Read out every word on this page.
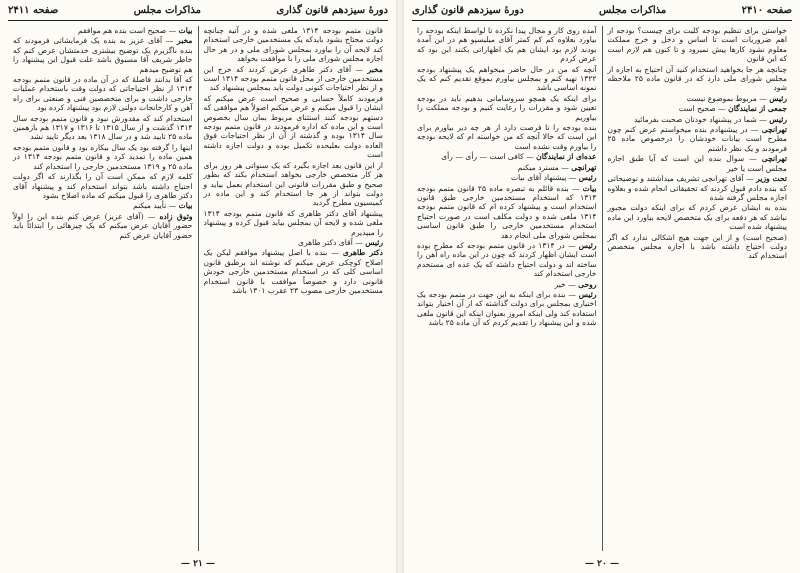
دورهٔ سیزدهم قانون گذاری
مذاکرات مجلس
صفحه ۲۴۱۱

قانون متمم بودجه ۱۳۱۴ ملغی شده و در آتیه چنانچه دولت محتاج بشود بایدکه یک مستخدمین خارجی استخدام کند لایحه آن را بیاورد بمجلس شورای ملی و در هر حال اجازه مجلس شورای ملی را با موافقت بخواهد

مخبر — آقای دکتر طاهری عرض کردند که خرج این مستخدمین خارجی از محل قانون متمم بودجه ۱۳۱۴ است و از نظر احتیاجات کنونی دولت باید بمجلس پیشنهاد کند

فرمودند کاملاً حسابی و صحیح است عرض میکنم که ایشان را قبول میکنم و عرض میکنم اصولاً هم موافقی که دستهم بودجه کنند استثنای مربوط بمان سال بخصوص است و این ماده که اداره فرمودند در قانون متمم بودجه سال ۱۳۱۴ بوده و گذشته از آن از نظر احتیاجات فوق العاده دولت بعلیحده تکمیل بوده و دولت اجازه داشته است

از این قانون بعد اجازه بگیرد که یک سنواتی هر روز برای هر کار متخصص خارجی بخواهد استخدام بکند که بطور صحیح و طبق مقررات قانونی این استخدام بعمل بیاید و دولت بتواند از هر جا استخدام کند و این ماده در کمیسیون مطرح گردید

پیشنهاد آقای دکتر طاهری که قانون متمم بودجه ۱۳۱۴ ملغی شده و لایحه آن بمجلس بیاید قبول کرده و پیشنهاد را میپذیرم

رئیس — آقای دکتر طاهری

دکتر طاهری — بنده با اصل پیشنهاد موافقم لیکن یک اصلاح کوچکی عرض میکنم که نوشته اند برطبق قانون اساسی کلی که در استخدام مستخدمین خارجی خودش قانونی دارد و خصوصاً موافقت با قانون استخدام مستخدمین خارجی مصوب ۲۳ عقرب ۱۳۰۱ باشد

بیات — صحیح است بنده هم موافقم

مخبر — آقای عزیز به بنده یک فرمایشاتی فرمودند که بنده ناگزیرم یک توضیح بیشتری خدمتشان عرض کنم که خاطر شریف آقا مسبوق باشد علت قبول این پیشنهاد را هم توضیح میدهم

که آقا بدانند فاصلهٔ که در آن ماده در قانون متمم بودجه ۱۳۱۴ از نظر احتیاجاتی که دولت وقت باستخدام عملیات خارجی داشت و برای متخصصین فنی و صنعتی برای راه آهن و کارخانجات دولتی لازم بود پیشنهاد کرده بود

استخدام کند که مقدورش نبود و قانون متمم بودجه سال ۱۳۱۴ گذشت و از سال ۱۳۱۵ تا ۱۳۱۶ و ۱۳۱۷ هم بازهمین ماده ۲۵ تایید شد و در سال ۱۳۱۸ بعد دیگر تایید نشد

اینها را گرفته بود یک سال بیکاره بود و قانون متمم بودجه همین ماده را تمدید کرد و قانون متمم بودجه ۱۳۱۴ در ماده ۲۵ و ۱۳۱۹ مستخدمین خارجی را استخدام کند

کلمه لازم که ممکن است آن را بگذارند که اگر دولت احتیاج داشته باشد بتواند استخدام کند و پیشنهاد آقای دکتر طاهری را قبول میکنم که ماده اصلاح بشود

بیات — تأیید میکنم

وثوق زاده — (آقای عزیز) عرض کنم بنده این را اولاً حضور آقایان عرض میکنم که یک چیزهائی را ابتدائاً باید حضور آقایان عرض کنم

— ۲۱ —
صفحه ۲۴۱۰
مذاکرات مجلس
دورهٔ سیزدهم قانون گذاری

خواستن برای تنظیم بودجه کلیت برای چیست؟ بودجه از اهم ضروریات است تا اساس و دخل و خرج مملکت معلوم نشود کارها پیش نمیرود و تا کنون هم لازم است که این قانون

چنانچه هر جا بخواهید استخدام کنید آن احتیاج به اجازه از مجلس شورای ملی دارد که در قانون ماده ۲۵ ملاحظه شود

رئیس — مربوط بموضوع نیست

جمعی از نمایندگان — صحیح است

رئیس — شما در پیشنهاد خودتان صحبت بفرمائید

تهرانچی — در پیشنهادم بنده میخواستم عرض کنم چون مطرح است بیانات خودشان را درخصوص ماده ۲۵ فرمودند و یک نظر داشتم

تهرانچی — سوال بنده این است که آیا طبق اجازه مجلس است یا خیر

تحت وزیر — آقای تهرانچی تشریف میداشتند و توضیحاتی که بنده دادم قبول کردند که تحقیقاتی انجام شده و بعلاوه اجازه مجلس گرفته شده

بنده به ایشان عرض کردم که برای اینکه دولت مجبور نباشد که هر دفعه برای یک متخصص لایحه بیاورد این ماده پیشنهاد شده است

(صحیح است) و از این جهت هیچ اشکالی ندارد که اگر دولت احتیاج داشته باشد با اجازه مجلس متخصص استخدام کند

آمده روی کار و مجال پیدا نکرده تا لواسط اینکه بودجه را بیاورد بعلاوه کم کم کمتر آقای میلیسپو هم در این آمده بودند لازم بود ایشان هم یک اظهاراتی بکنند این بود که عرض کردم

آنچه که من در حال حاضر میخواهم یک پیشنهاد بودجه ۱۳۲۲ تهیه کنم و بمجلس بیاورم بموقع تقدیم کنم که یک نمونه اساسی باشد

برای اینکه یک همچو سروسامانی بدهیم باید در بودجه تعیین شود و مقررات را رعایت کنیم و بودجه مملکت را بیاوریم

بنده بودجه را تا فرصت دارد از هر چه دیر بیاورم برای این است که حالا آنچه که من خواسته ام که لایحه بودجه را بیاورم وقت نشده است

عده‌ای از نمایندگان — کافی است — رأی — رأی

تهرانچی — مسترد میکنم

رئیس — پیشنهاد آقای بیات

بیات — بنده قائلم به تبصره ماده ۲۵ قانون متمم بودجه ۱۳۱۴ که استخدام مستخدمین خارجی طبق قانون استخدام است و پیشنهاد کرده ام که قانون متمم بودجه ۱۳۱۴ ملغی شده و دولت مکلف است در صورت احتیاج استخدام مستخدمین خارجی را طبق قانون اساسی بمجلس شورای ملی انجام دهد

رئیس — در ۱۳۱۴ در قانون متمم بودجه که مطرح بوده است ایشان اظهار کردند که چون در این ماده راه آهن را ساخته اند و دولت احتیاج داشته که یک عده ای مستخدم خارجی استخدام کند

روحی — خیر

رئیس — بنده برای اینکه به این جهت در متمم بودجه یک اختیاری بمجلس برای دولت گذاشته که از آن اختیار بتواند استفاده کند ولی اینکه امروز بعنوان اینکه این قانون ملغی شده و این پیشنهاد را تقدیم کردم که آن ماده ۲۵ باشد

— ۲۰ —
